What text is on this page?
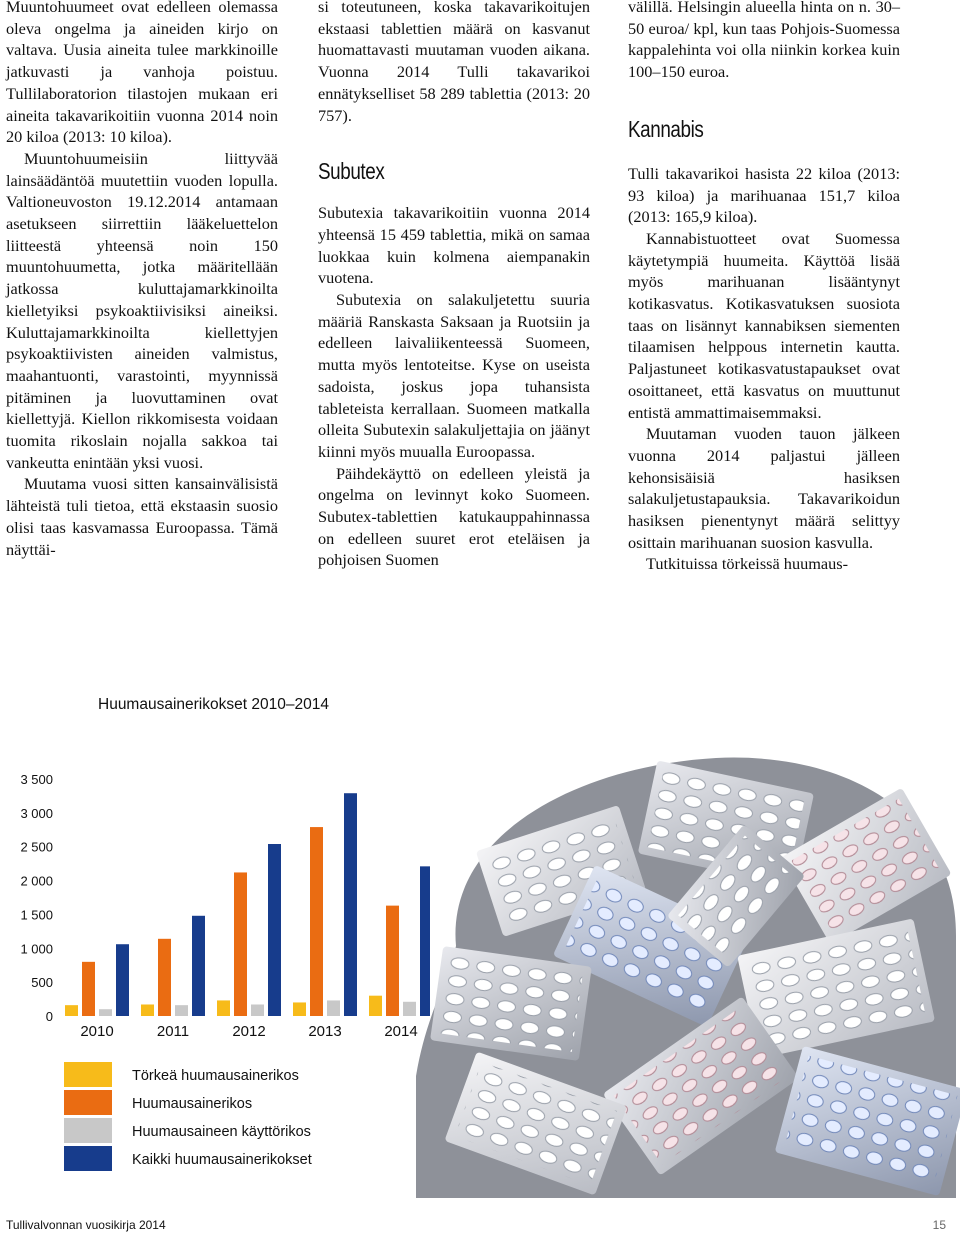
Muuntohuumeet ovat edelleen olemassa oleva ongelma ja aineiden kirjo on valtava. Uusia aineita tulee markkinoille jatkuvasti ja vanhoja poistuu. Tullilaboratorion tilastojen mukaan eri aineita takavarikoitiin vuonna 2014 noin 20 kiloa (2013: 10 kiloa).

Muuntohuumeisiin liittyvää lainsäädäntöä muutettiin vuoden lopulla. Valtioneuvoston 19.12.2014 antamaan asetukseen siirrettiin lääkeluettelon liitteestä yhteensä noin 150 muuntohuumetta, jotka määritellään jatkossa kuluttajamarkkinoilta kielletyiksi psykoaktiivisiksi aineiksi. Kuluttajamarkkinoilta kiellettyjen psykoaktiivisten aineiden valmistus, maahantuonti, varastointi, myynnissä pitäminen ja luovuttaminen ovat kiellettyjä. Kiellon rikkomisesta voidaan tuomita rikoslain nojalla sakkoa tai vankeutta enintään yksi vuosi.

Muutama vuosi sitten kansainvälisistä lähteistä tuli tietoa, että ekstaasin suosio olisi taas kasvamassa Euroopassa. Tämä näyttäi-

si toteutuneen, koska takavarikoitujen ekstaasi tablettien määrä on kasvanut huomattavasti muutaman vuoden aikana. Vuonna 2014 Tulli takavarikoi ennätykselliset 58 289 tablettia (2013: 20 757).

Subutex

Subutexia takavarikoitiin vuonna 2014 yhteensä 15 459 tablettia, mikä on samaa luokkaa kuin kolmena aiempanakin vuotena.

Subutexia on salakuljetettu suuria määriä Ranskasta Saksaan ja Ruotsiin ja edelleen laivaliikenteessä Suomeen, mutta myös lentoteitse. Kyse on useista sadoista, joskus jopa tuhansista tableteista kerrallaan. Suomeen matkalla olleita Subutexin salakuljettajia on jäänyt kiinni myös muualla Euroopassa.

Päihdekäyttö on edelleen yleistä ja ongelma on levinnyt koko Suomeen. Subutex-tablettien katukauppahinnassa on edelleen suuret erot eteläisen ja pohjoisen Suomen

välillä. Helsingin alueella hinta on n. 30–50 euroa/ kpl, kun taas Pohjois-Suomessa kappalehinta voi olla niinkin korkea kuin 100–150 euroa.

Kannabis

Tulli takavarikoi hasista 22 kiloa (2013: 93 kiloa) ja marihuanaa 151,7 kiloa (2013: 165,9 kiloa).

Kannabistuotteet ovat Suomessa käytetympiä huumeita. Käyttöä lisää myös marihuanan lisääntynyt kotikasvatus. Kotikasvatuksen suosiota taas on lisännyt kannabiksen siementen tilaamisen helppous internetin kautta. Paljastuneet kotikasvatustapaukset ovat osoittaneet, että kasvatus on muuttunut entistä ammattimaisemmaksi.

Muutaman vuoden tauon jälkeen vuonna 2014 paljastui jälleen kehonsisäisiä hasiksen salakuljetustapauksia. Takavarikoidun hasiksen pienentynyt määrä selittyy osittain marihuanan suosion kasvulla.

Tutkituissa törkeissä huumaus-

Huumausainerikokset 2010–2014
0
500
1 000
1 500
2 000
2 500
3 000
3 500
2010	2011	2012	2013	2014
Törkeä huumausainerikos
Huumausainerikos
Huumausaineen käyttörikos
Kaikki huumausainerikokset
Tullivalvonnan vuosikirja 2014	15
